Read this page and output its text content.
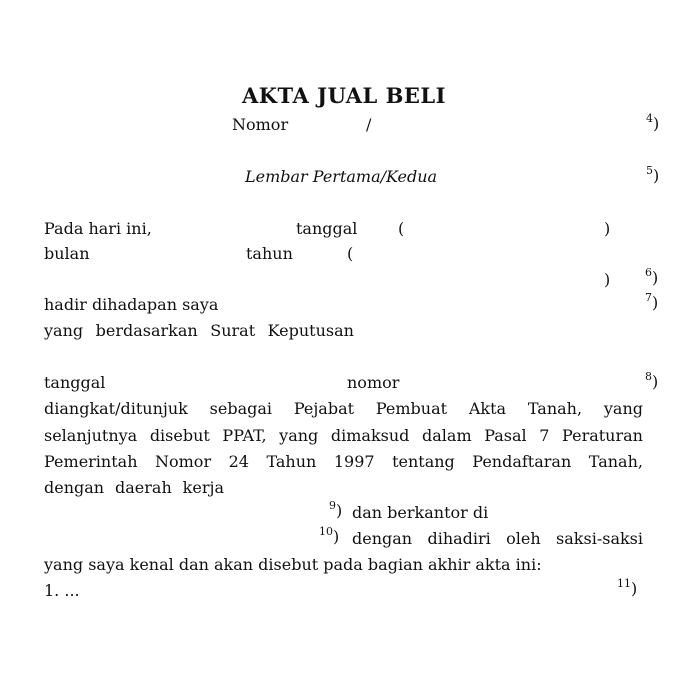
AKTA JUAL BELI
Nomor	/	$^4$)
Lembar Pertama/Kedua	$^5$)
Pada hari ini,	tanggal	(	)
bulan	tahun	(
)	$^6$)
hadir dihadapan saya	$^7$)
yang berdasarkan Surat Keputusan
tanggal	nomor	$^8$)
diangkat/ditunjuk sebagai Pejabat Pembuat Akta Tanah, yang
selanjutnya disebut PPAT, yang dimaksud dalam Pasal 7 Peraturan
Pemerintah Nomor 24 Tahun 1997 tentang Pendaftaran Tanah,
dengan daerah kerja
$^9$) dan berkantor di
$^{10}$) dengan dihadiri oleh saksi-saksi
yang saya kenal dan akan disebut pada bagian akhir akta ini:
1. ...	$^{11}$)
